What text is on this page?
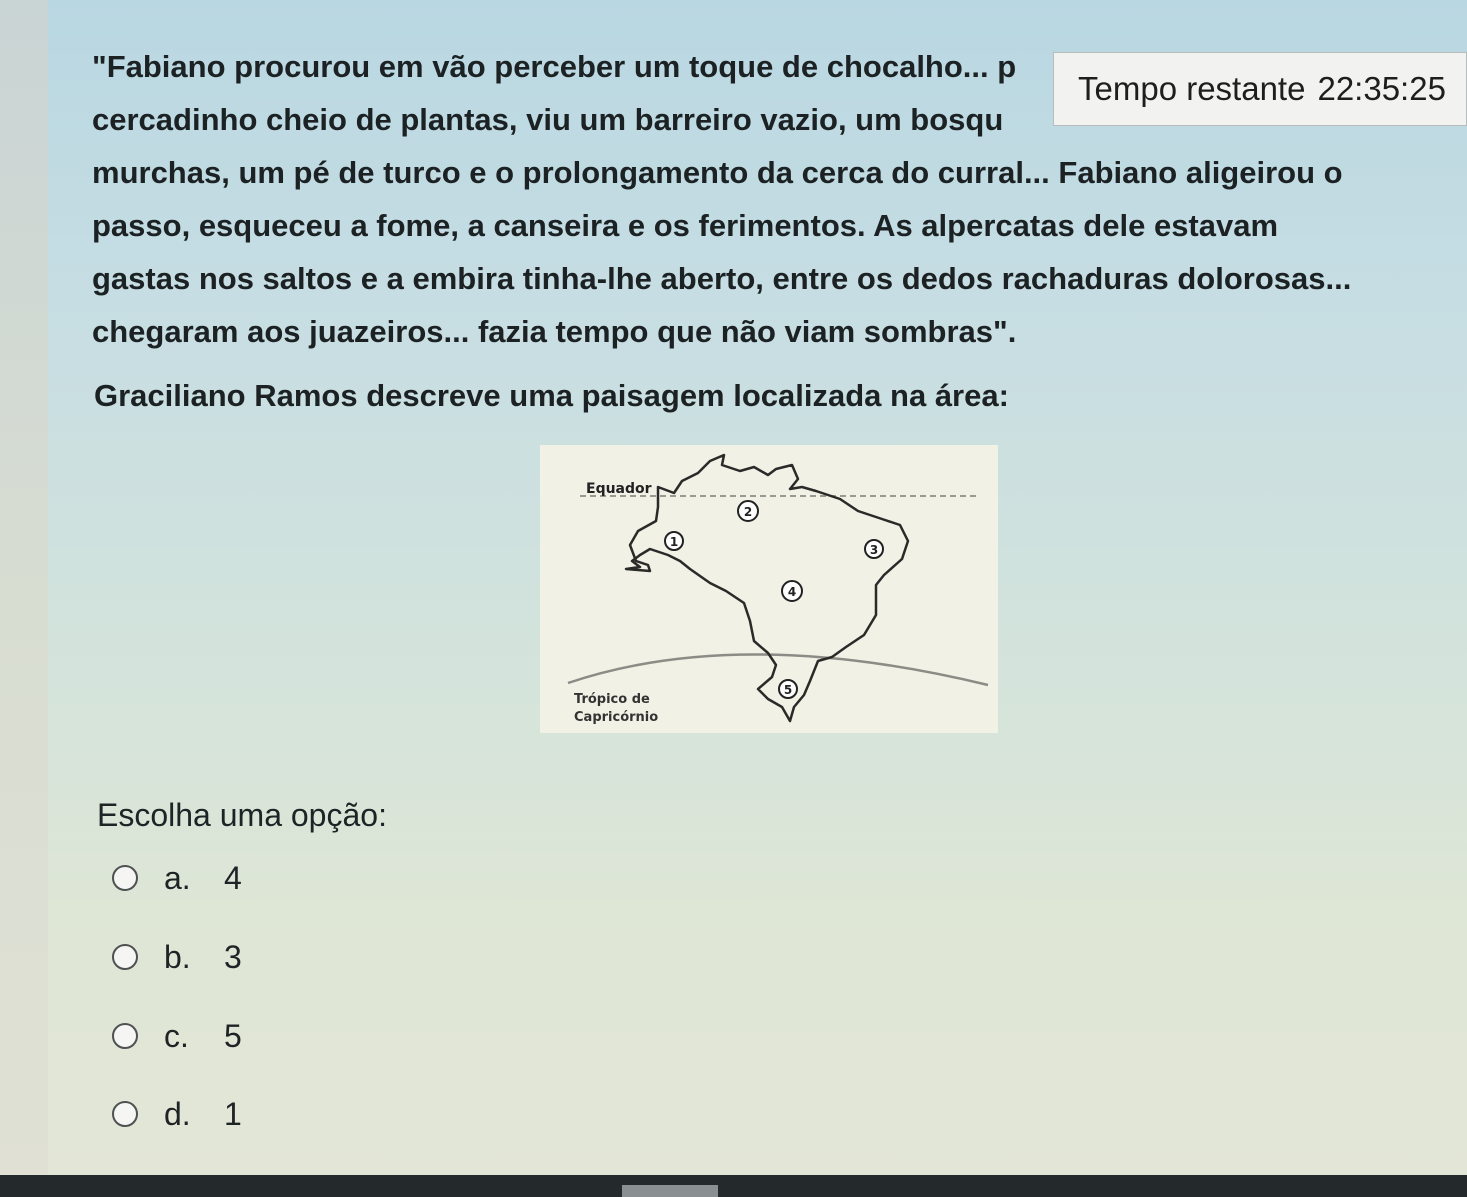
"Fabiano procurou em vão perceber um toque de chocalho... p

cercadinho cheio de plantas, viu um barreiro vazio, um bosqu

murchas, um pé de turco e o prolongamento da cerca do curral... Fabiano aligeirou o

passo, esqueceu a fome, a canseira e os ferimentos. As alpercatas dele estavam

gastas nos saltos e a embira tinha-lhe aberto, entre os dedos rachaduras dolorosas...

chegaram aos juazeiros... fazia tempo que não viam sombras".

Tempo restante 22:35:25
Graciliano Ramos descreve uma paisagem localizada na área:
1
2
3
4
5
Equador
Trópico de
Capricórnio
Escolha uma opção:
a.	4
b.	3
c.	5
d.	1
